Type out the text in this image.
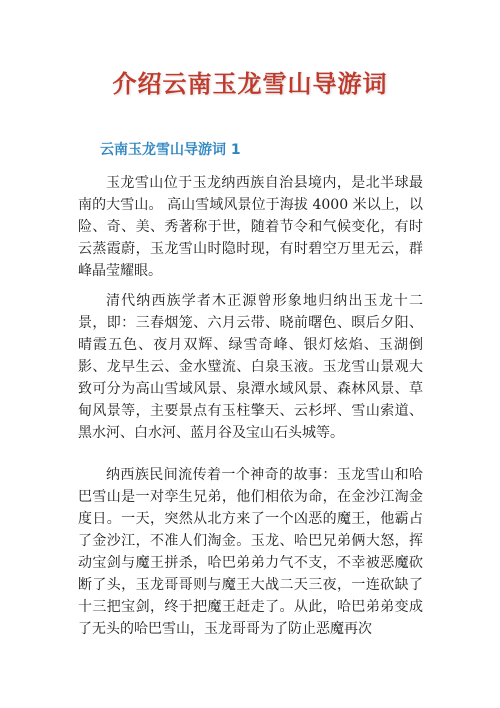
介绍云南玉龙雪山导游词
云南玉龙雪山导游词 1

玉龙雪山位于玉龙纳西族自治县境内，是北半球最南的大雪山。 高山雪域风景位于海拔 4000 米以上，以险、奇、美、秀著称于世，随着节令和气候变化，有时云蒸霞蔚，玉龙雪山时隐时现，有时碧空万里无云，群峰晶莹耀眼。

清代纳西族学者木正源曾形象地归纳出玉龙十二景，即：三春烟笼、六月云带、晓前曙色、暝后夕阳、晴霞五色、夜月双辉、绿雪奇峰、银灯炫焰、玉湖倒影、龙早生云、金水璧流、白泉玉液。玉龙雪山景观大致可分为高山雪域风景、泉潭水域风景、森林风景、草甸风景等，主要景点有玉柱擎天、云杉坪、雪山索道、黑水河、白水河、蓝月谷及宝山石头城等。

纳西族民间流传着一个神奇的故事：玉龙雪山和哈巴雪山是一对孪生兄弟，他们相依为命，在金沙江淘金度日。一天，突然从北方来了一个凶恶的魔王，他霸占了金沙江，不准人们淘金。玉龙、哈巴兄弟俩大怒，挥动宝剑与魔王拼杀，哈巴弟弟力气不支，不幸被恶魔砍断了头，玉龙哥哥则与魔王大战二天三夜，一连砍缺了十三把宝剑，终于把魔王赶走了。从此，哈巴弟弟变成了无头的哈巴雪山，玉龙哥哥为了防止恶魔再次
